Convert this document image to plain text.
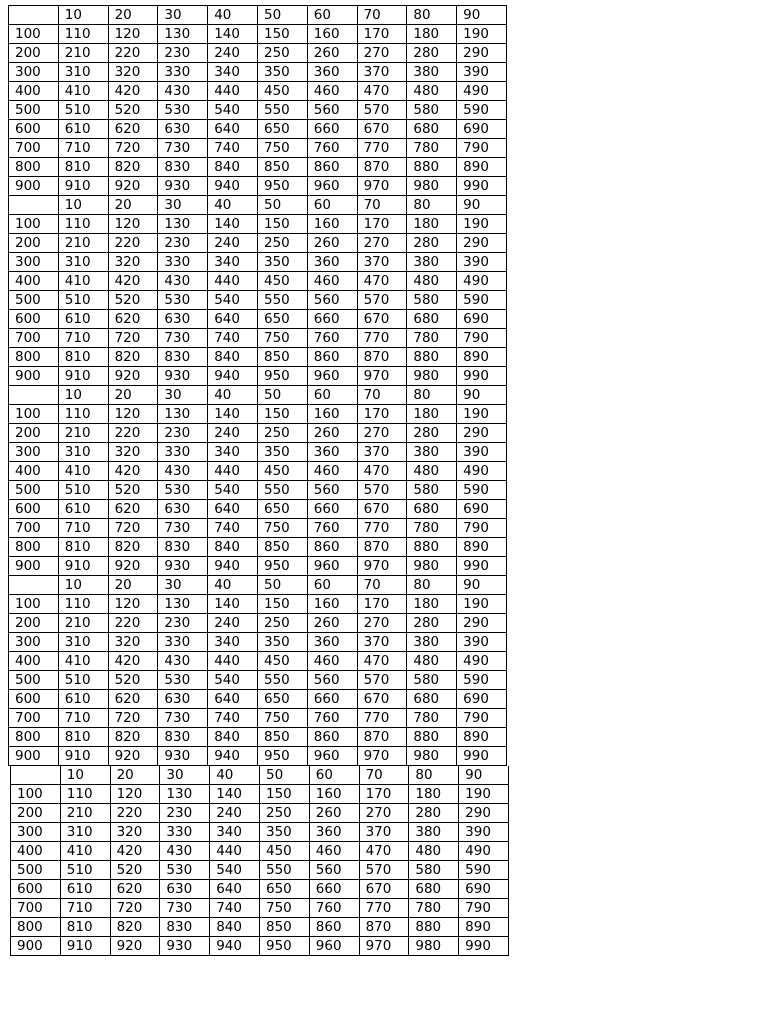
	10	20	30	40	50	60	70	80	90
100	110	120	130	140	150	160	170	180	190
200	210	220	230	240	250	260	270	280	290
300	310	320	330	340	350	360	370	380	390
400	410	420	430	440	450	460	470	480	490
500	510	520	530	540	550	560	570	580	590
600	610	620	630	640	650	660	670	680	690
700	710	720	730	740	750	760	770	780	790
800	810	820	830	840	850	860	870	880	890
900	910	920	930	940	950	960	970	980	990
	10	20	30	40	50	60	70	80	90
100	110	120	130	140	150	160	170	180	190
200	210	220	230	240	250	260	270	280	290
300	310	320	330	340	350	360	370	380	390
400	410	420	430	440	450	460	470	480	490
500	510	520	530	540	550	560	570	580	590
600	610	620	630	640	650	660	670	680	690
700	710	720	730	740	750	760	770	780	790
800	810	820	830	840	850	860	870	880	890
900	910	920	930	940	950	960	970	980	990
	10	20	30	40	50	60	70	80	90
100	110	120	130	140	150	160	170	180	190
200	210	220	230	240	250	260	270	280	290
300	310	320	330	340	350	360	370	380	390
400	410	420	430	440	450	460	470	480	490
500	510	520	530	540	550	560	570	580	590
600	610	620	630	640	650	660	670	680	690
700	710	720	730	740	750	760	770	780	790
800	810	820	830	840	850	860	870	880	890
900	910	920	930	940	950	960	970	980	990
	10	20	30	40	50	60	70	80	90
100	110	120	130	140	150	160	170	180	190
200	210	220	230	240	250	260	270	280	290
300	310	320	330	340	350	360	370	380	390
400	410	420	430	440	450	460	470	480	490
500	510	520	530	540	550	560	570	580	590
600	610	620	630	640	650	660	670	680	690
700	710	720	730	740	750	760	770	780	790
800	810	820	830	840	850	860	870	880	890
900	910	920	930	940	950	960	970	980	990
	10	20	30	40	50	60	70	80	90
100	110	120	130	140	150	160	170	180	190
200	210	220	230	240	250	260	270	280	290
300	310	320	330	340	350	360	370	380	390
400	410	420	430	440	450	460	470	480	490
500	510	520	530	540	550	560	570	580	590
600	610	620	630	640	650	660	670	680	690
700	710	720	730	740	750	760	770	780	790
800	810	820	830	840	850	860	870	880	890
900	910	920	930	940	950	960	970	980	990
